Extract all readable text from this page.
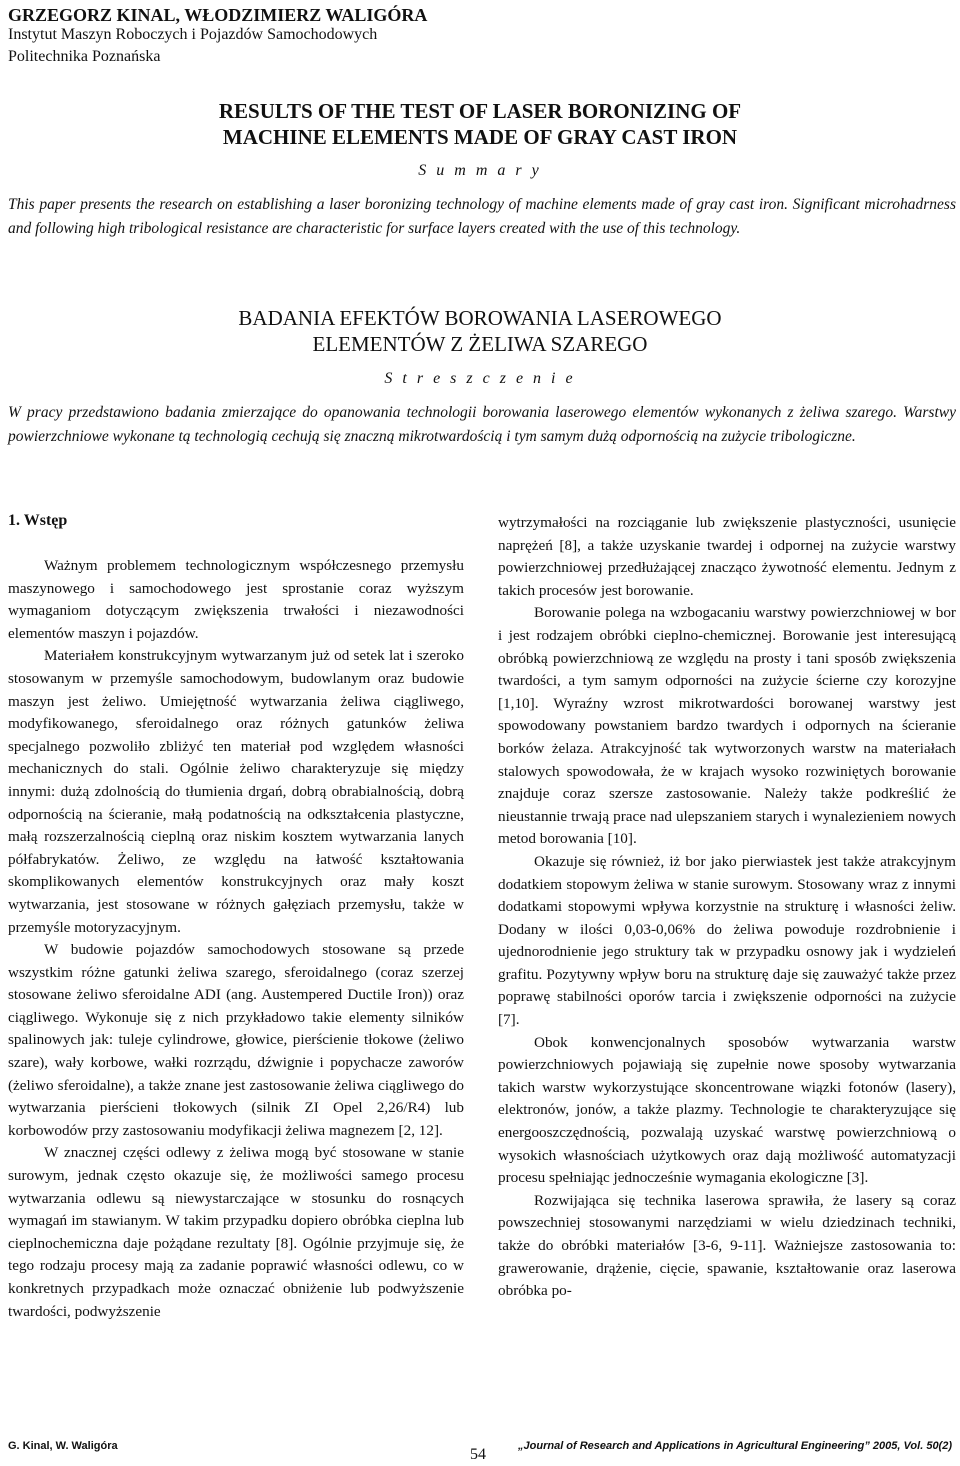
GRZEGORZ KINAL, WŁODZIMIERZ WALIGÓRA
Instytut Maszyn Roboczych i Pojazdów Samochodowych
Politechnika Poznańska
RESULTS OF THE TEST OF LASER BORONIZING OF
MACHINE ELEMENTS MADE OF GRAY CAST IRON
S u m m a r y
This paper presents the research on establishing a laser boronizing technology of machine elements made of gray cast iron. Significant microhadrness and following high tribological resistance are characteristic for surface layers created with the use of this technology.
BADANIA EFEKTÓW BOROWANIA LASEROWEGO
ELEMENTÓW Z ŻELIWA SZAREGO
S t r e s z c z e n i e
W pracy przedstawiono badania zmierzające do opanowania technologii borowania laserowego elementów wykonanych z żeliwa szarego. Warstwy powierzchniowe wykonane tą technologią cechują się znaczną mikrotwardością i tym samym dużą odpornością na zużycie tribologiczne.
1. Wstęp

Ważnym problemem technologicznym współczesnego przemysłu maszynowego i samochodowego jest sprostanie coraz wyższym wymaganiom dotyczącym zwiększenia trwałości i niezawodności elementów maszyn i pojazdów.

Materiałem konstrukcyjnym wytwarzanym już od setek lat i szeroko stosowanym w przemyśle samochodowym, budowlanym oraz budowie maszyn jest żeliwo. Umiejętność wytwarzania żeliwa ciągliwego, modyfikowanego, sferoidalnego oraz różnych gatunków żeliwa specjalnego pozwoliło zbliżyć ten materiał pod względem własności mechanicznych do stali. Ogólnie żeliwo charakteryzuje się między innymi: dużą zdolnością do tłumienia drgań, dobrą obrabialnością, dobrą odpornością na ścieranie, małą podatnością na odkształcenia plastyczne, małą rozszerzalnością cieplną oraz niskim kosztem wytwarzania lanych półfabrykatów. Żeliwo, ze względu na łatwość kształtowania skomplikowanych elementów konstrukcyjnych oraz mały koszt wytwarzania, jest stosowane w różnych gałęziach przemysłu, także w przemyśle motoryzacyjnym.

W budowie pojazdów samochodowych stosowane są przede wszystkim różne gatunki żeliwa szarego, sferoidalnego (coraz szerzej stosowane żeliwo sferoidalne ADI (ang. Austempered Ductile Iron)) oraz ciągliwego. Wykonuje się z nich przykładowo takie elementy silników spalinowych jak: tuleje cylindrowe, głowice, pierścienie tłokowe (żeliwo szare), wały korbowe, wałki rozrządu, dźwignie i popychacze zaworów (żeliwo sferoidalne), a także znane jest zastosowanie żeliwa ciągliwego do wytwarzania pierścieni tłokowych (silnik ZI Opel 2,26/R4) lub korbowodów przy zastosowaniu modyfikacji żeliwa magnezem [2, 12].

W znacznej części odlewy z żeliwa mogą być stosowane w stanie surowym, jednak często okazuje się, że możliwości samego procesu wytwarzania odlewu są niewystarczające w stosunku do rosnących wymagań im stawianym. W takim przypadku dopiero obróbka cieplna lub cieplnochemiczna daje pożądane rezultaty [8]. Ogólnie przyjmuje się, że tego rodzaju procesy mają za zadanie poprawić własności odlewu, co w konkretnych przypadkach może oznaczać obniżenie lub podwyższenie twardości, podwyższenie

wytrzymałości na rozciąganie lub zwiększenie plastyczności, usunięcie naprężeń [8], a także uzyskanie twardej i odpornej na zużycie warstwy powierzchniowej przedłużającej znacząco żywotność elementu. Jednym z takich procesów jest borowanie.

Borowanie polega na wzbogacaniu warstwy powierzchniowej w bor i jest rodzajem obróbki cieplno-chemicznej. Borowanie jest interesującą obróbką powierzchniową ze względu na prosty i tani sposób zwiększenia twardości, a tym samym odporności na zużycie ścierne czy korozyjne [1,10]. Wyraźny wzrost mikrotwardości borowanej warstwy jest spowodowany powstaniem bardzo twardych i odpornych na ścieranie borków żelaza. Atrakcyjność tak wytworzonych warstw na materiałach stalowych spowodowała, że w krajach wysoko rozwiniętych borowanie znajduje coraz szersze zastosowanie. Należy także podkreślić że nieustannie trwają prace nad ulepszaniem starych i wynalezieniem nowych metod borowania [10].

Okazuje się również, iż bor jako pierwiastek jest także atrakcyjnym dodatkiem stopowym żeliwa w stanie surowym. Stosowany wraz z innymi dodatkami stopowymi wpływa korzystnie na strukturę i własności żeliw. Dodany w ilości 0,03-0,06% do żeliwa powoduje rozdrobnienie i ujednorodnienie jego struktury tak w przypadku osnowy jak i wydzieleń grafitu. Pozytywny wpływ boru na strukturę daje się zauważyć także przez poprawę stabilności oporów tarcia i zwiększenie odporności na zużycie [7].

Obok konwencjonalnych sposobów wytwarzania warstw powierzchniowych pojawiają się zupełnie nowe sposoby wytwarzania takich warstw wykorzystujące skoncentrowane wiązki fotonów (lasery), elektronów, jonów, a także plazmy. Technologie te charakteryzujące się energooszczędnością, pozwalają uzyskać warstwę powierzchniową o wysokich własnościach użytkowych oraz dają możliwość automatyzacji procesu spełniając jednocześnie wymagania ekologiczne [3].

Rozwijająca się technika laserowa sprawiła, że lasery są coraz powszechniej stosowanymi narzędziami w wielu dziedzinach techniki, także do obróbki materiałów [3-6, 9-11]. Ważniejsze zastosowania to: grawerowanie, drążenie, cięcie, spawanie, kształtowanie oraz laserowa obróbka po-

G. Kinal, W. Waligóra	54	„Journal of Research and Applications in Agricultural Engineering” 2005, Vol. 50(2)
